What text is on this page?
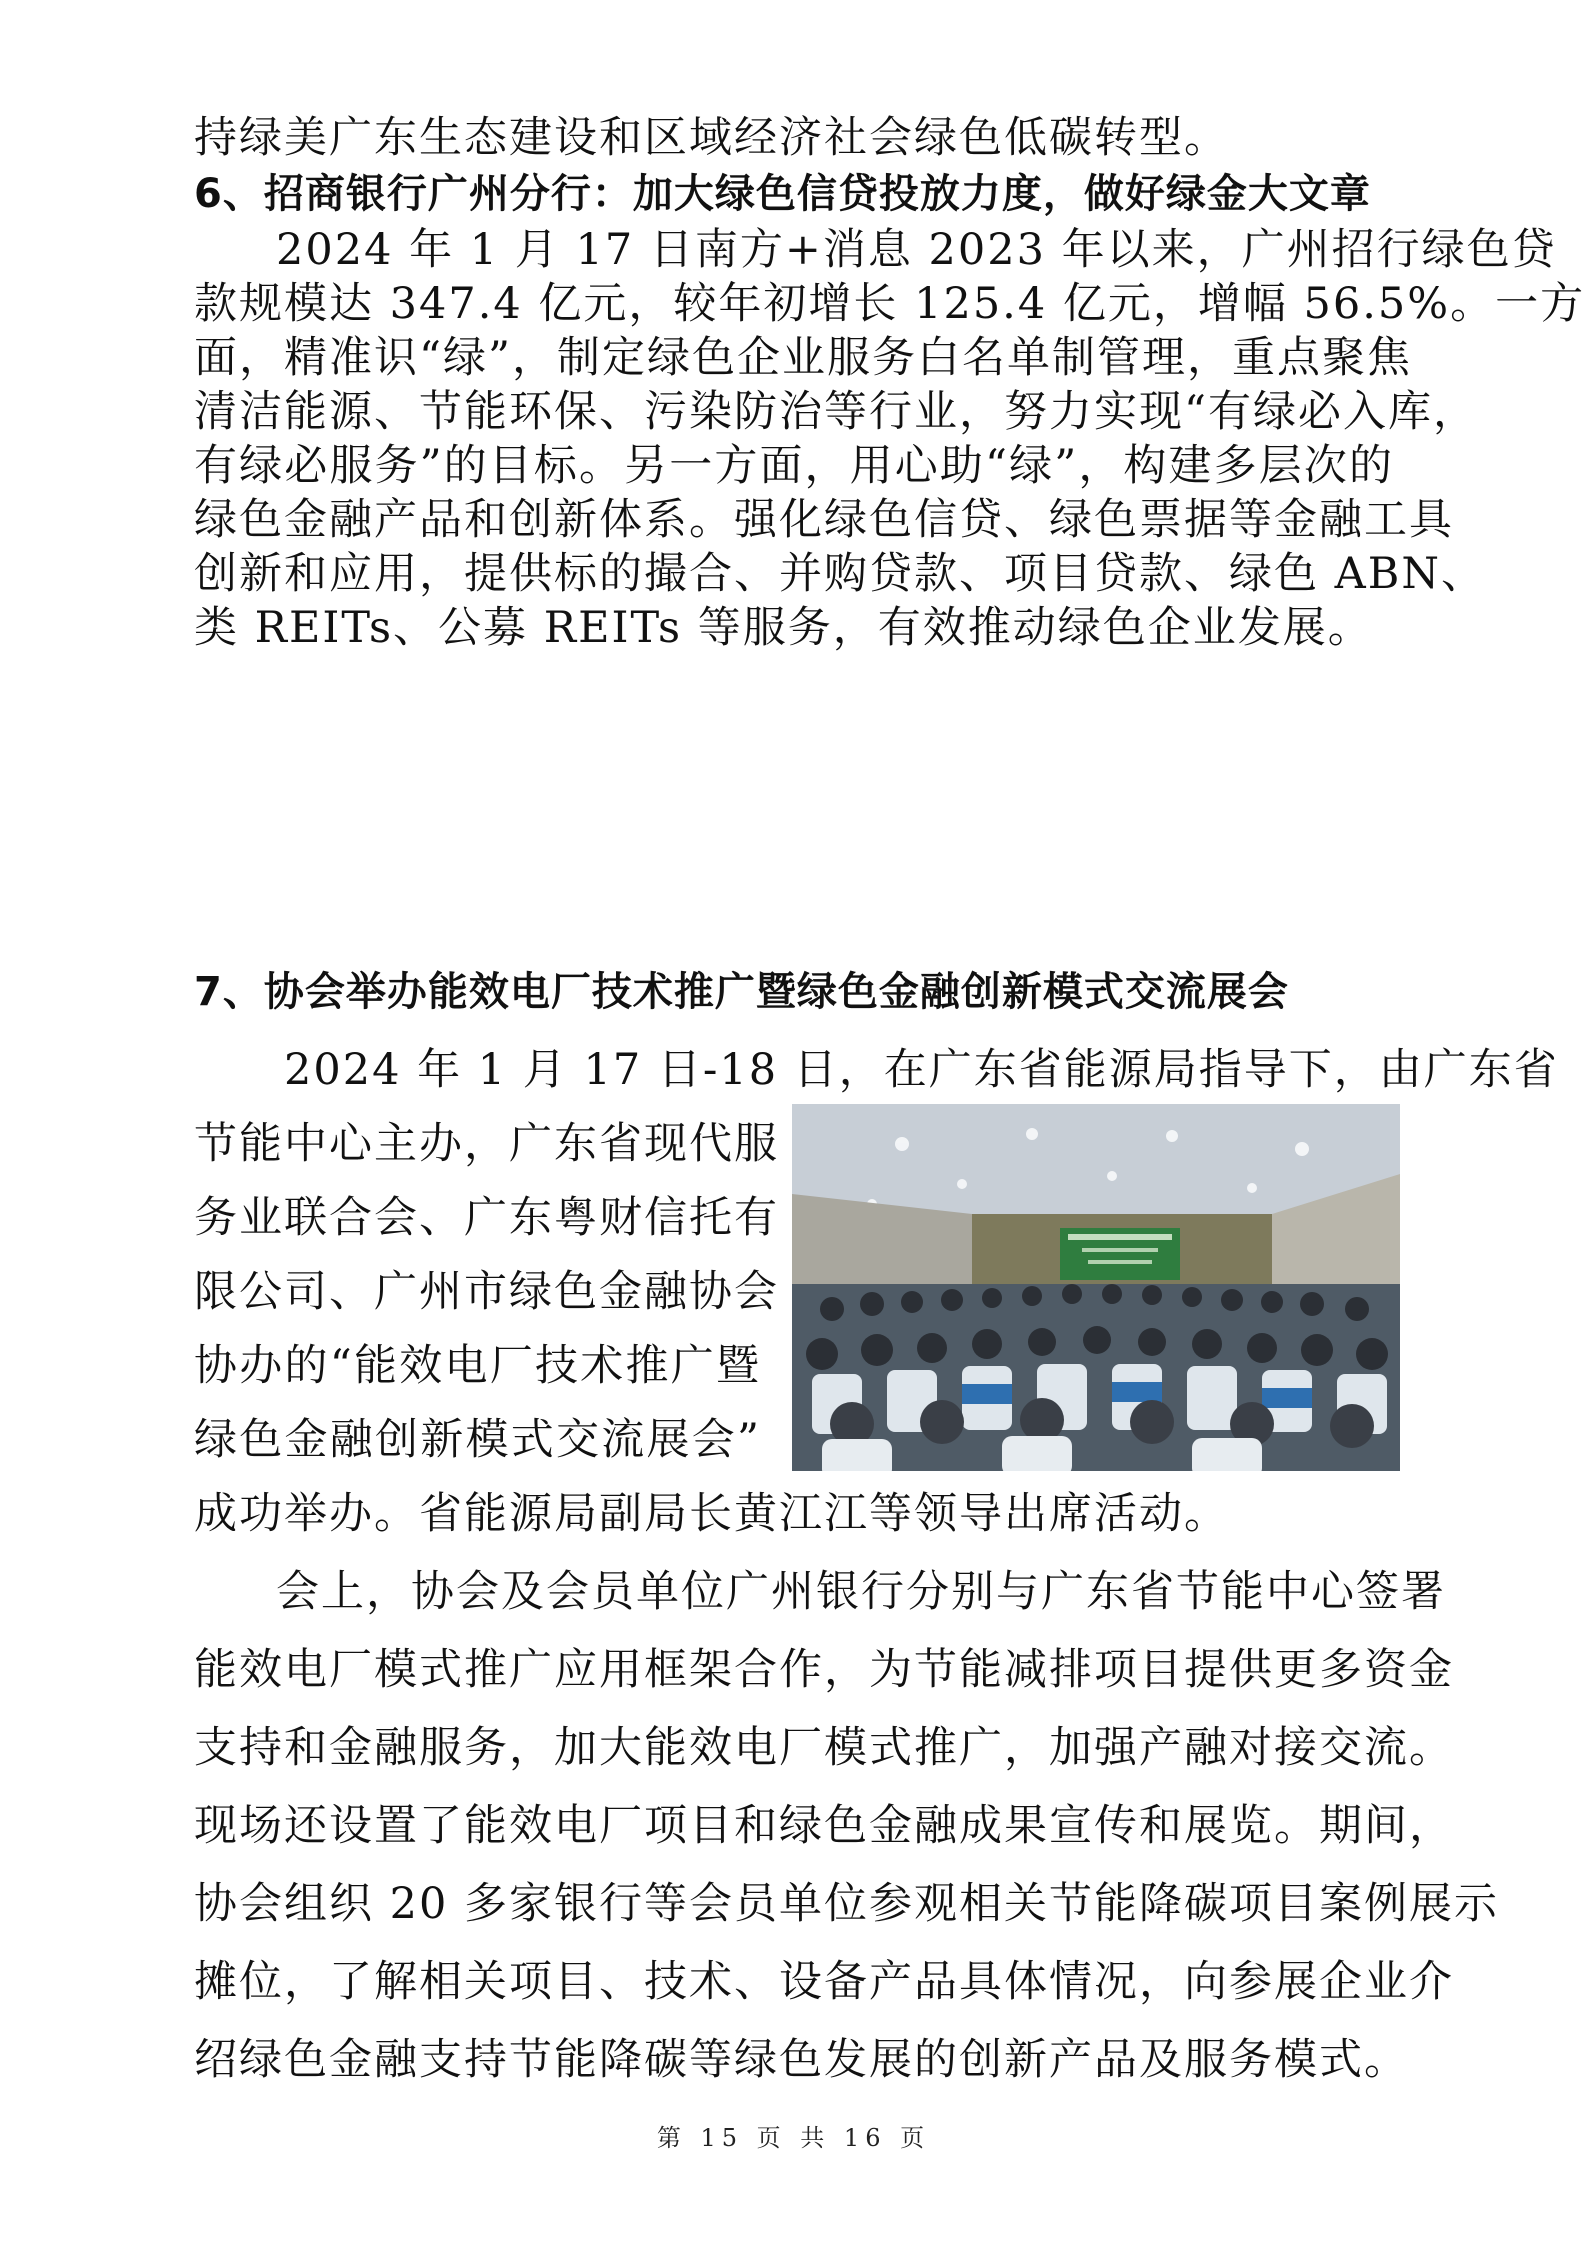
持绿美广东生态建设和区域经济社会绿色低碳转型。
6、招商银行广州分行：加大绿色信贷投放力度，做好绿金大文章
2024 年 1 月 17 日南方+消息 2023 年以来，广州招行绿色贷
款规模达 347.4 亿元，较年初增长 125.4 亿元，增幅 56.5%。一方
面，精准识“绿”，制定绿色企业服务白名单制管理，重点聚焦
清洁能源、节能环保、污染防治等行业，努力实现“有绿必入库，
有绿必服务”的目标。另一方面，用心助“绿”，构建多层次的
绿色金融产品和创新体系。强化绿色信贷、绿色票据等金融工具
创新和应用，提供标的撮合、并购贷款、项目贷款、绿色 ABN、
类 REITs、公募 REITs 等服务，有效推动绿色企业发展。
7、协会举办能效电厂技术推广暨绿色金融创新模式交流展会
2024 年 1 月 17 日-18 日，在广东省能源局指导下，由广东省
节能中心主办，广东省现代服
务业联合会、广东粤财信托有
限公司、广州市绿色金融协会
协办的“能效电厂技术推广暨
绿色金融创新模式交流展会”
成功举办。省能源局副局长黄江江等领导出席活动。
会上，协会及会员单位广州银行分别与广东省节能中心签署
能效电厂模式推广应用框架合作，为节能减排项目提供更多资金
支持和金融服务，加大能效电厂模式推广，加强产融对接交流。
现场还设置了能效电厂项目和绿色金融成果宣传和展览。期间，
协会组织 20 多家银行等会员单位参观相关节能降碳项目案例展示
摊位，了解相关项目、技术、设备产品具体情况，向参展企业介
绍绿色金融支持节能降碳等绿色发展的创新产品及服务模式。
第 15 页 共 16 页
